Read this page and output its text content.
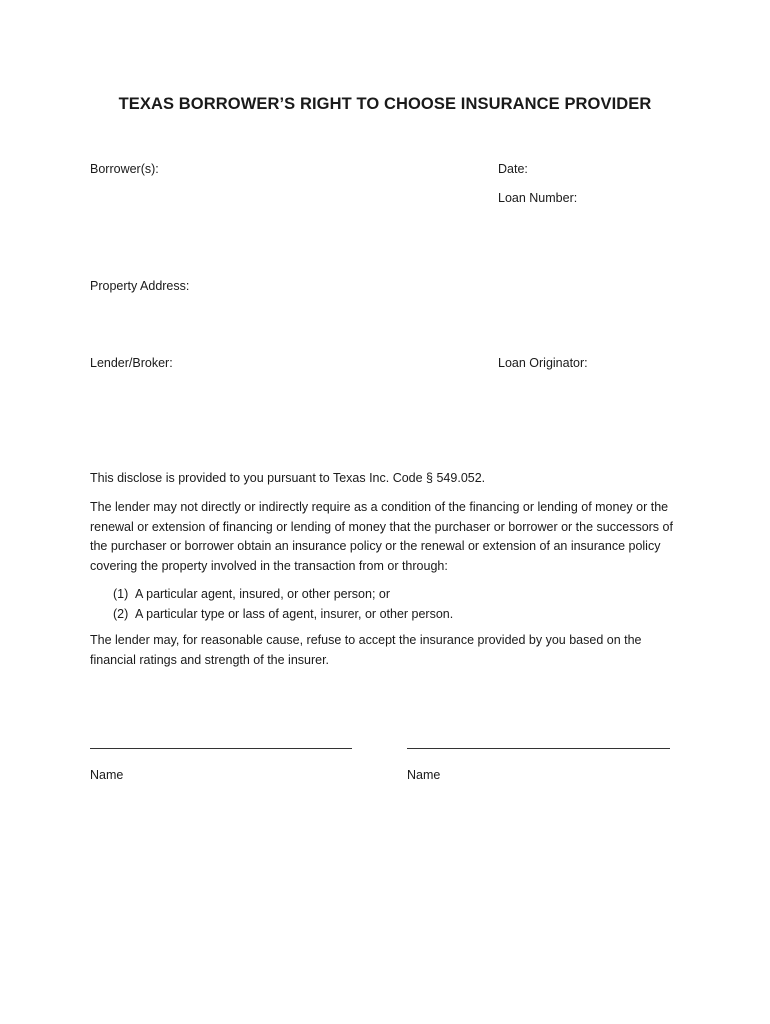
TEXAS BORROWER’S RIGHT TO CHOOSE INSURANCE PROVIDER
Borrower(s):	Date:
Loan Number:
Property Address:
Lender/Broker:	Loan Originator:
This disclose is provided to you pursuant to Texas Inc. Code § 549.052.
The lender may not directly or indirectly require as a condition of the financing or lending of money or the renewal or extension of financing or lending of money that the purchaser or borrower or the successors of the purchaser or borrower obtain an insurance policy or the renewal or extension of an insurance policy covering the property involved in the transaction from or through:
(1) A particular agent, insured, or other person; or
(2) A particular type or lass of agent, insurer, or other person.
The lender may, for reasonable cause, refuse to accept the insurance provided by you based on the financial ratings and strength of the insurer.
Name	Name
